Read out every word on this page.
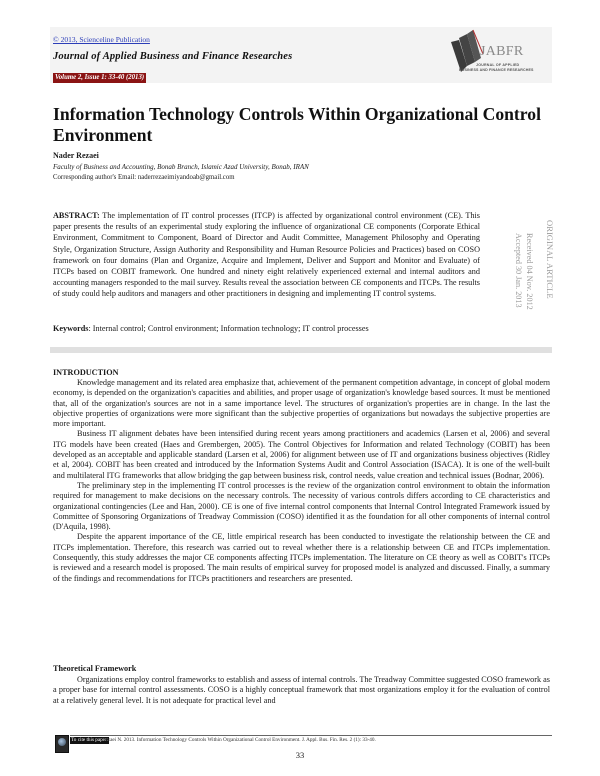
© 2013, Scienceline Publication
Journal of Applied Business and Finance Researches
Volume 2, Issue 1: 33-40 (2013)
JABFR
JOURNAL OF APPLIED
BUSINESS AND FINANCE RESEARCHES
Information Technology Controls Within Organizational Control Environment
Nader Rezaei
Faculty of Business and Accounting, Bonab Branch, Islamic Azad University, Bonab, IRAN
Corresponding author's Email: naderrezaeimiyandoab@gmail.com
ABSTRACT: The implementation of IT control processes (ITCP) is affected by organizational control environment (CE). This paper presents the results of an experimental study exploring the influence of organizational CE components (Corporate Ethical Environment, Commitment to Component, Board of Director and Audit Committee, Management Philosophy and Operating Style, Organization Structure, Assign Authority and Responsibility and Human Resource Policies and Practices) based on COSO framework on four domains (Plan and Organize, Acquire and Implement, Deliver and Support and Monitor and Evaluate) of ITCPs based on COBIT framework. One hundred and ninety eight relatively experienced external and internal auditors and accounting managers responded to the mail survey. Results reveal the association between CE components and ITCPs. The results of study could help auditors and managers and other practitioners in designing and implementing IT control systems.
Keywords: Internal control; Control environment; Information technology; IT control processes
ORIGINAL ARTICLE
Received 04 Nov. 2012
Accepted 30 Jan. 2013
INTRODUCTION

Knowledge management and its related area emphasize that, achievement of the permanent competition advantage, in concept of global modern economy, is depended on the organization's capacities and abilities, and proper usage of organization's knowledge based sources. It must be mentioned that, all of the organization's sources are not in a same importance level. The structures of organization's properties are in change. In the last the objective properties of organizations were more significant than the subjective properties of organizations but nowadays the subjective properties are more important.

Business IT alignment debates have been intensified during recent years among practitioners and academics (Larsen et al, 2006) and several ITG models have been created (Haes and Grembergen, 2005). The Control Objectives for Information and related Technology (COBIT) has been developed as an acceptable and applicable standard (Larsen et al, 2006) for alignment between use of IT and organizations business objectives (Ridley et al, 2004). COBIT has been created and introduced by the Information Systems Audit and Control Association (ISACA). It is one of the well-built and multilateral ITG frameworks that allow bridging the gap between business risk, control needs, value creation and technical issues (Bodnar, 2006).

The preliminary step in the implementing IT control processes is the review of the organization control environment to obtain the information required for management to make decisions on the necessary controls. The necessity of various controls differs according to CE characteristics and organizational contingencies (Lee and Han, 2000). CE is one of five internal control components that Internal Control Integrated Framework issued by Committee of Sponsoring Organizations of Treadway Commission (COSO) identified it as the foundation for all other components of internal control (D'Aquila, 1998).

Despite the apparent importance of the CE, little empirical research has been conducted to investigate the relationship between the CE and ITCPs implementation. Therefore, this research was carried out to reveal whether there is a relationship between CE and ITCPs implementation. Consequently, this study addresses the major CE components affecting ITCPs implementation. The literature on CE theory as well as COBIT's ITCPs is reviewed and a research model is proposed. The main results of empirical survey for proposed model is analyzed and discussed. Finally, a summary of the findings and recommendations for ITCPs practitioners and researchers are presented.

Theoretical Framework

Organizations employ control frameworks to establish and assess of internal controls. The Treadway Committee suggested COSO framework as a proper base for internal control assessments. COSO is a highly conceptual framework that most organizations employ it for the evaluation of control at a relatively general level. It is not adequate for practical level and

To cite this paper:
Rezaei N. 2013. Information Technology Controls Within Organizational Control Environment. J. Appl. Bus. Fin. Res. 2 (1): 33-40.
33
